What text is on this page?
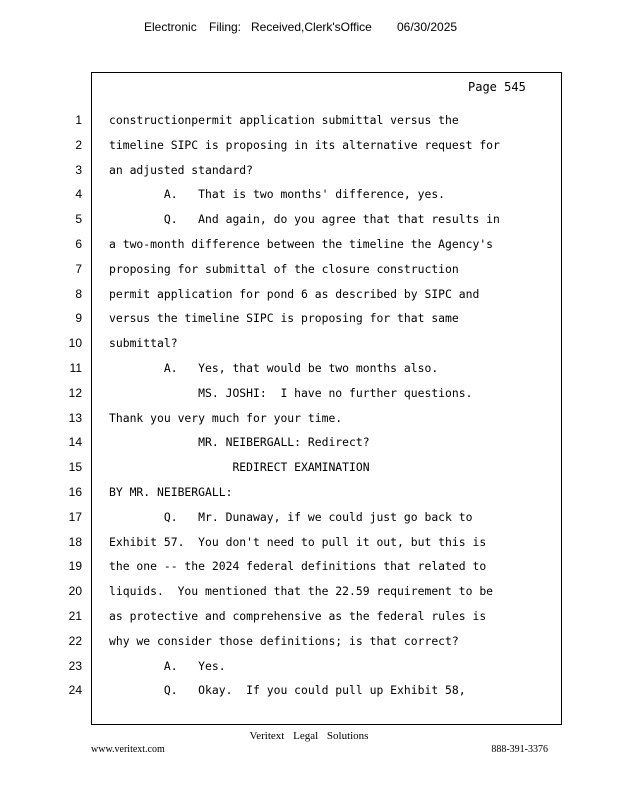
Electronic Filing: Received,Clerk'sOffice 06/30/2025
Page 545
1 constructionpermit application submittal versus the
2 timeline SIPC is proposing in its alternative request for
3 an adjusted standard?
4 A.   That is two months' difference, yes.
5 Q.   And again, do you agree that that results in
6 a two-month difference between the timeline the Agency's
7 proposing for submittal of the closure construction
8 permit application for pond 6 as described by SIPC and
9 versus the timeline SIPC is proposing for that same
10 submittal?
11 A.   Yes, that would be two months also.
12 MS. JOSHI:  I have no further questions.
13 Thank you very much for your time.
14 MR. NEIBERGALL: Redirect?
15 REDIRECT EXAMINATION
16 BY MR. NEIBERGALL:
17 Q.   Mr. Dunaway, if we could just go back to
18 Exhibit 57.  You don't need to pull it out, but this is
19 the one -- the 2024 federal definitions that related to
20 liquids.  You mentioned that the 22.59 requirement to be
21 as protective and comprehensive as the federal rules is
22 why we consider those definitions; is that correct?
23 A.   Yes.
24 Q.   Okay.  If you could pull up Exhibit 58,
Veritext Legal Solutions
www.veritext.com	888-391-3376
